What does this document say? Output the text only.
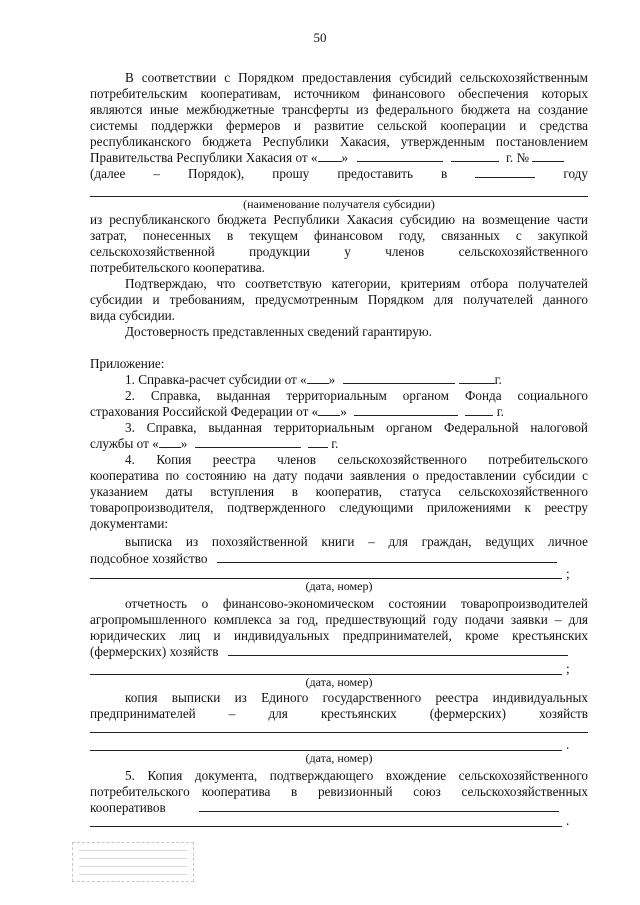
50
В соответствии с Порядком предоставления субсидий сельскохозяйственным
потребительским кооперативам, источником финансового обеспечения которых
являются иные межбюджетные трансферты из федерального бюджета на создание
системы поддержки фермеров и развитие сельской кооперации и средства
республиканского бюджета Республики Хакасия, утвержденным постановлением
Правительства Республики Хакасия от « »	г. №
(далее – Порядок), прошу предоставить в	году
(наименование получателя субсидии)
из республиканского бюджета Республики Хакасия субсидию на возмещение части
затрат, понесенных в текущем финансовом году, связанных с закупкой
сельскохозяйственной продукции у членов сельскохозяйственного
потребительского кооператива.
Подтверждаю, что соответствую категории, критериям отбора получателей
субсидии и требованиям, предусмотренным Порядком для получателей данного
вида субсидии.
Достоверность представленных сведений гарантирую.
Приложение:
1. Справка-расчет субсидии от « »	г.
2. Справка, выданная территориальным органом Фонда социального
страхования Российской Федерации от « »	г.
3. Справка, выданная территориальным органом Федеральной налоговой
службы от « »	г.
4. Копия реестра членов сельскохозяйственного потребительского
кооператива по состоянию на дату подачи заявления о предоставлении субсидии с
указанием даты вступления в кооператив, статуса сельскохозяйственного
товаропроизводителя, подтвержденного следующими приложениями к реестру
документами:
выписка из похозяйственной книги – для граждан, ведущих личное
подсобное хозяйство
;
(дата, номер)
отчетность о финансово-экономическом состоянии товаропроизводителей
агропромышленного комплекса за год, предшествующий году подачи заявки – для
юридических лиц и индивидуальных предпринимателей, кроме крестьянских
(фермерских) хозяйств
;
(дата, номер)
копия выписки из Единого государственного реестра индивидуальных
предпринимателей – для крестьянских (фермерских) хозяйств
.
(дата, номер)
5. Копия документа, подтверждающего вхождение сельскохозяйственного
потребительского кооператива в ревизионный союз сельскохозяйственных
кооперативов
.
